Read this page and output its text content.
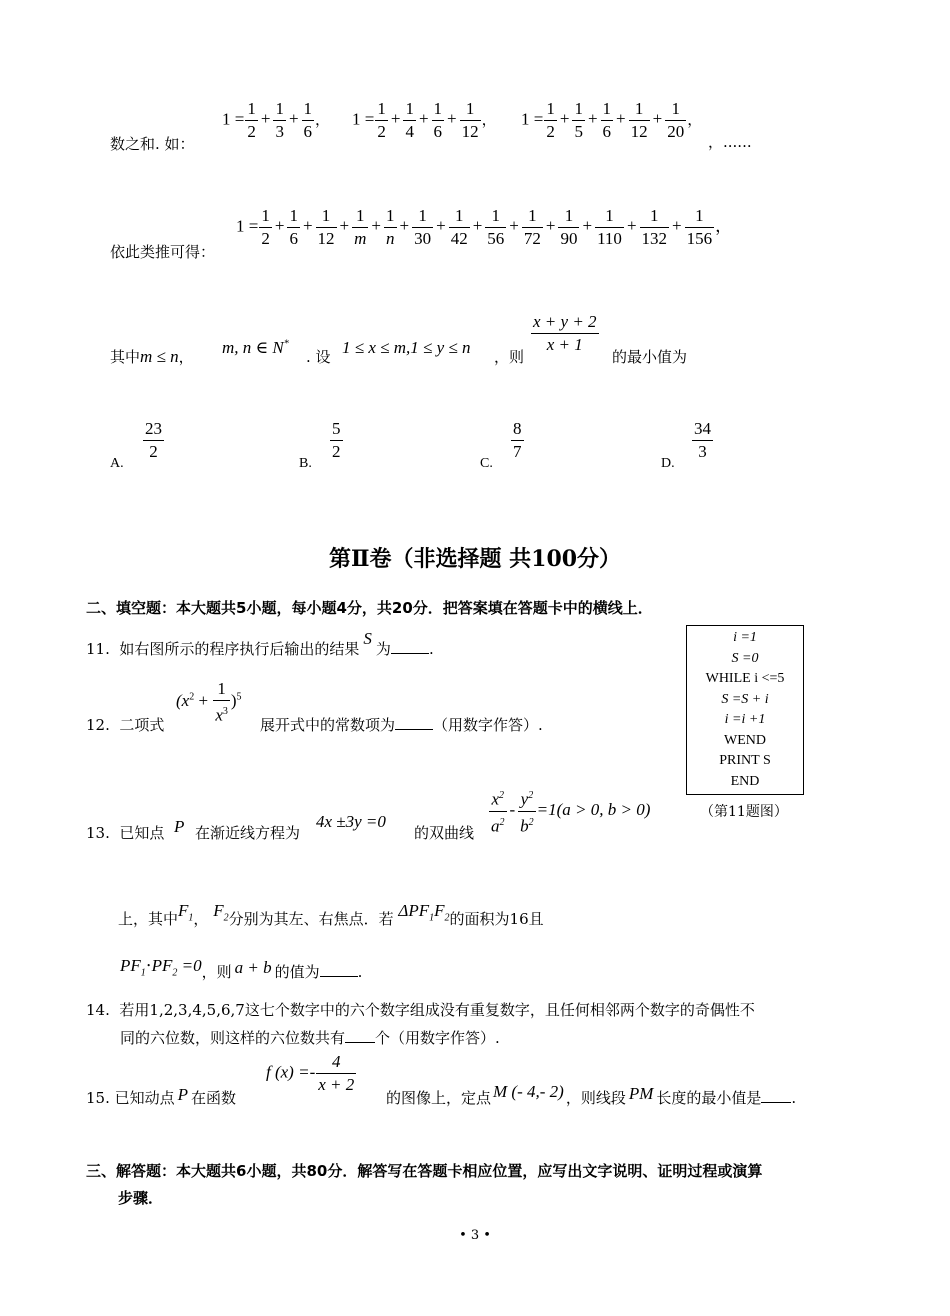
数之和. 如：
$1 = \frac{1}{2} + \frac{1}{3} + \frac{1}{6}$ ， $1 = \frac{1}{2} + \frac{1}{4} + \frac{1}{6} + \frac{1}{12}$ ， $1 = \frac{1}{2} + \frac{1}{5} + \frac{1}{6} + \frac{1}{12} + \frac{1}{20}$ ，
，......
依此类推可得：
$1 = \frac{1}{2} + \frac{1}{6} + \frac{1}{12} + \frac{1}{m} + \frac{1}{n} + \frac{1}{30} + \frac{1}{42} + \frac{1}{56} + \frac{1}{72} + \frac{1}{90} + \frac{1}{110} + \frac{1}{132} + \frac{1}{156}$ ，
其中m ≤ n， m, n ∈ N*
. 设 1 ≤ x ≤ m,1 ≤ y ≤ n ，则
$\frac{x + y + 2}{x + 1}$
的最小值为
A.
$\frac{23}{2}$
B.
$\frac{5}{2}$
C.
$\frac{8}{7}$
D.
$\frac{34}{3}$
第Ⅱ卷（非选择题 共100分）
二、填空题：本大题共5小题，每小题4分，共20分．把答案填在答题卡中的横线上．
11. 如右图所示的程序执行后输出的结果S为	.
i =1
S =0
WHILE i <=5
S =S + i
i =i +1
WEND
PRINT S
END
（第11题图）
12. 二项式
$(x^2 + \frac{1}{x^3} )^5$
展开式中的常数项为	（用数字作答）.
13. 已知点 P 在渐近线方程为
4x ±3y =0
的双曲线 $\frac{x^2}{a^2} - \frac{y^2}{b^2} =1(a > 0$, b > 0)
上，其中$F_1$， $F_2$分别为其左、右焦点．若 $\Delta PF_1F_2$的面积为16且
$PF_1\cdot PF_2 =0$，则 a + b 的值为	.
14. 若用1,2,3,4,5,6,7这七个数字中的六个数字组成没有重复数字，且任何相邻两个数字的奇偶性不
同的六位数，则这样的六位数共有 个（用数字作答）.
15. 已知动点 P 在函数
f $(x) =- \frac{4}{x + 2}$
的图像上，定点 M (- 4,- 2) ，则线段 PM 长度的最小值是 .
三、解答题：本大题共6小题，共80分．解答写在答题卡相应位置，应写出文字说明、证明过程或演算
步骤．
• 3 •
